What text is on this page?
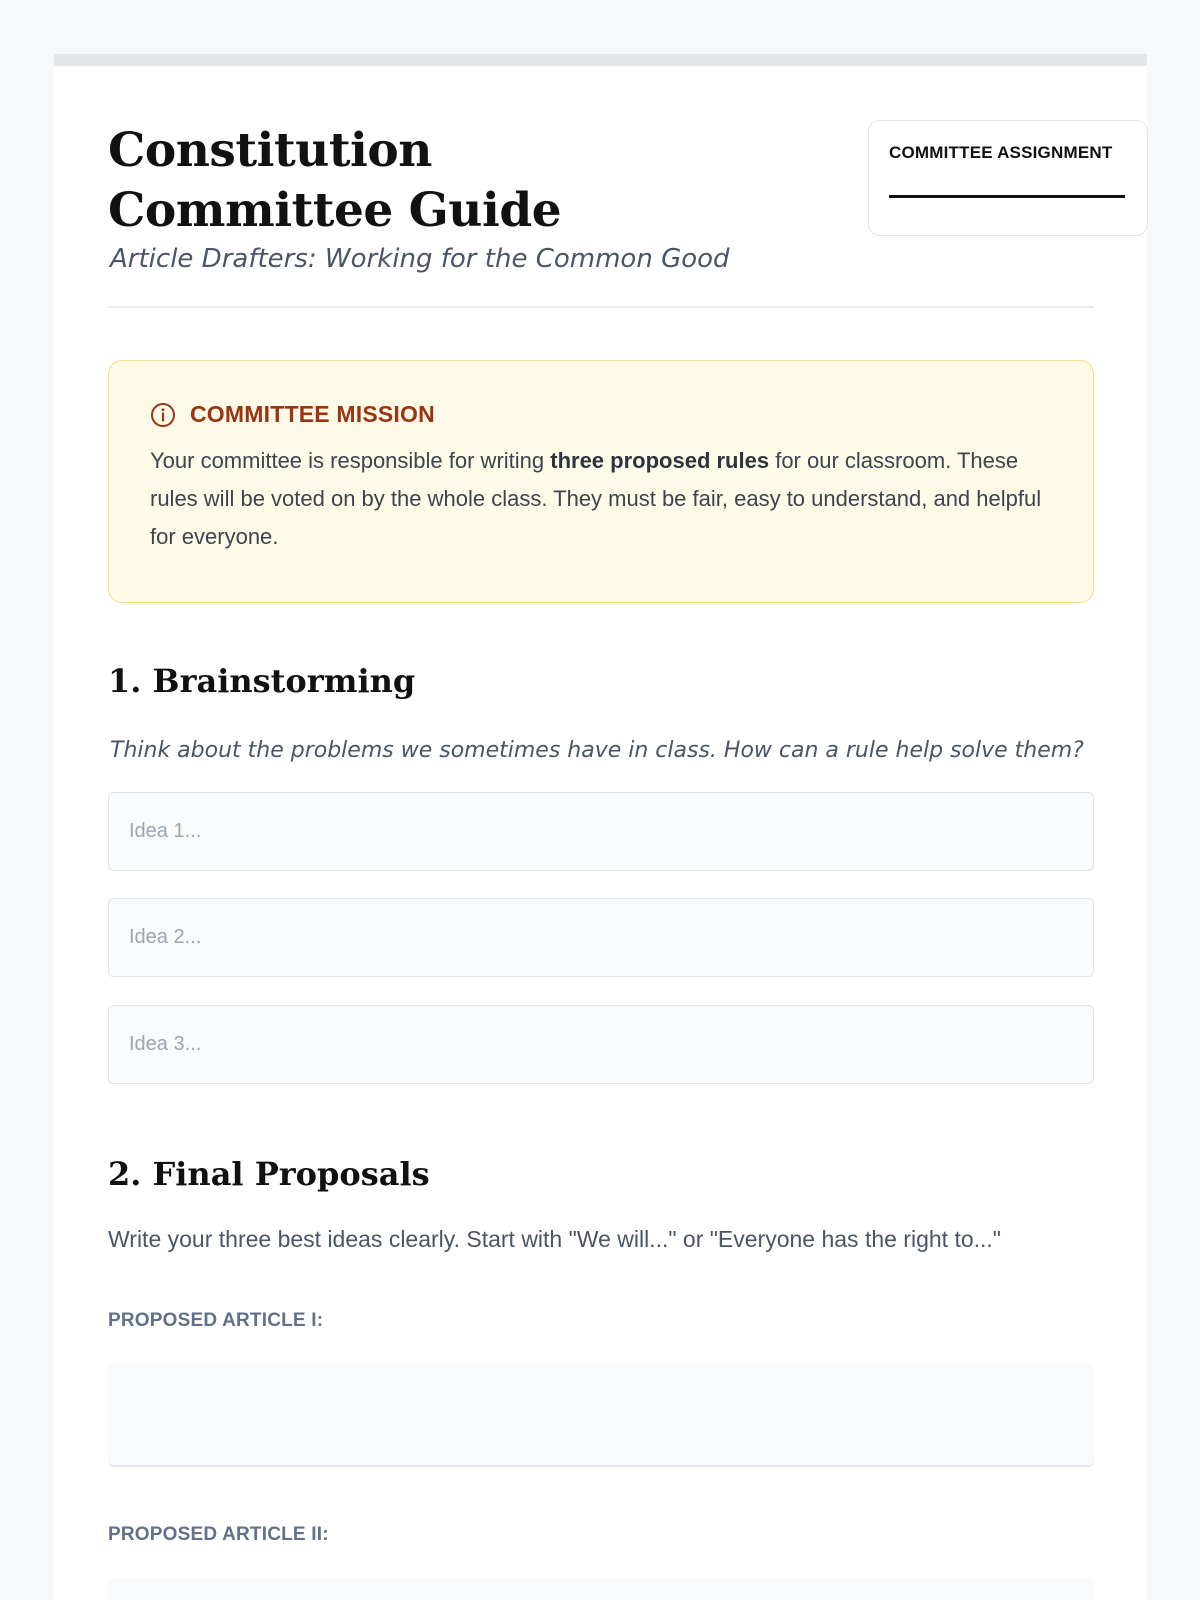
Constitution Committee Guide
Article Drafters: Working for the Common Good
COMMITTEE ASSIGNMENT
COMMITTEE MISSION

Your committee is responsible for writing three proposed rules for our classroom. These rules will be voted on by the whole class. They must be fair, easy to understand, and helpful for everyone.

1. Brainstorming

Think about the problems we sometimes have in class. How can a rule help solve them?

Idea 1...
Idea 2...
Idea 3...
2. Final Proposals

Write your three best ideas clearly. Start with "We will..." or "Everyone has the right to..."

PROPOSED ARTICLE I:
PROPOSED ARTICLE II:
